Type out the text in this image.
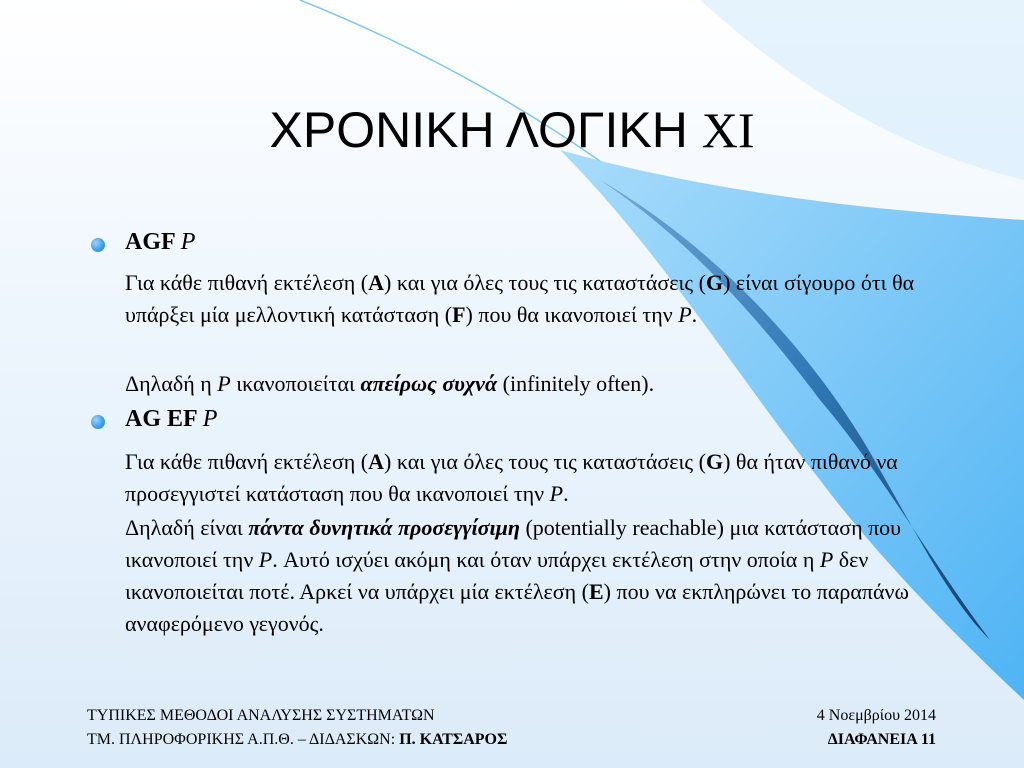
ΧΡΟΝΙΚΗ ΛΟΓΙΚΗ XI
AGF P
Για κάθε πιθανή εκτέλεση (A) και για όλες τους τις καταστάσεις (G) είναι σίγουρο ότι θα υπάρξει μία μελλοντική κατάσταση (F) που θα ικανοποιεί την P.
Δηλαδή η P ικανοποιείται απείρως συχνά (infinitely often).
AG EF P
Για κάθε πιθανή εκτέλεση (A) και για όλες τους τις καταστάσεις (G) θα ήταν πιθανό να προσεγγιστεί κατάσταση που θα ικανοποιεί την P.
Δηλαδή είναι πάντα δυνητικά προσεγγίσιμη (potentially reachable) μια κατάσταση που ικανοποιεί την P. Αυτό ισχύει ακόμη και όταν υπάρχει εκτέλεση στην οποία η P δεν ικανοποιείται ποτέ. Αρκεί να υπάρχει μία εκτέλεση (E) που να εκπληρώνει το παραπάνω αναφερόμενο γεγονός.
ΤΥΠΙΚΕΣ ΜΕΘΟΔΟΙ ΑΝΑΛΥΣΗΣ ΣΥΣΤΗΜΑΤΩΝ
ΤΜ. ΠΛΗΡΟΦΟΡΙΚΗΣ Α.Π.Θ. – ΔΙΔΑΣΚΩΝ: Π. ΚΑΤΣΑΡΟΣ
4 Νοεμβρίου 2014
ΔΙΑΦΑΝΕΙΑ 11
